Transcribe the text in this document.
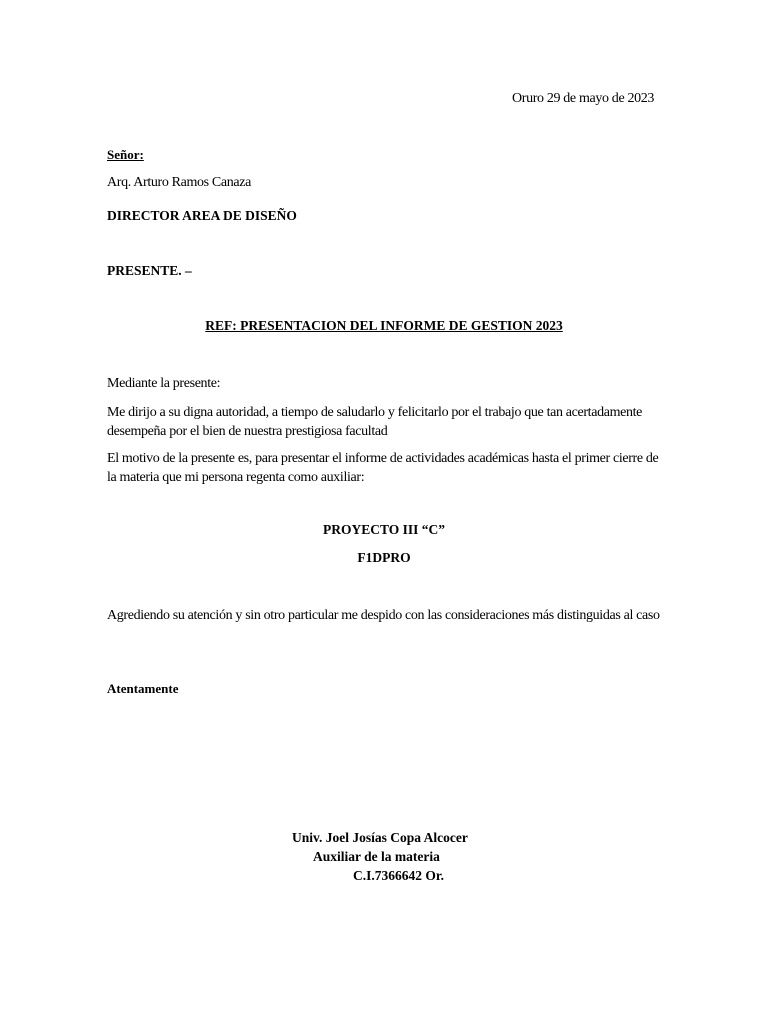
Oruro 29 de mayo de 2023
Señor:
Arq. Arturo Ramos Canaza
DIRECTOR AREA DE DISEÑO
PRESENTE. –
REF: PRESENTACION DEL INFORME DE GESTION 2023
Mediante la presente:
Me dirijo a su digna autoridad, a tiempo de saludarlo y felicitarlo por el trabajo que tan acertadamente desempeña por el bien de nuestra prestigiosa facultad
El motivo de la presente es, para presentar el informe de actividades académicas hasta el primer cierre de la materia que mi persona regenta como auxiliar:
PROYECTO III “C”
F1DPRO
Agrediendo su atención y sin otro particular me despido con las consideraciones más distinguidas al caso
Atentamente
Univ. Joel Josías Copa Alcocer
Auxiliar de la materia
C.I.7366642 Or.
